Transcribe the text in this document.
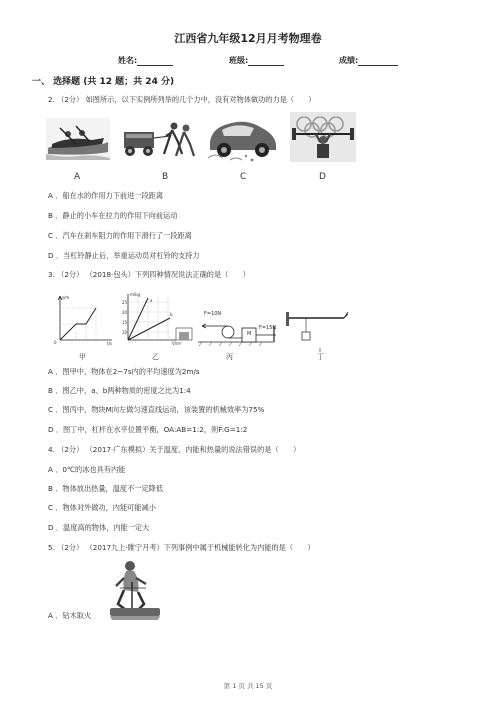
江西省九年级12月月考物理卷
姓名:	班级:	成绩:
一、 选择题 (共 12 题；共 24 分)
2. （2分） 如图所示，以下实例所列举的几个力中，没有对物体做功的力是（　　）
A	B	C	D
A ．船在水的作用力下前进一段距离
B ．静止的小车在拉力的作用下向前运动
C ．汽车在刹车阻力的作用下滑行了一段距离
D ．当杠铃静止后，举重运动员对杠铃的支持力
3. （2分） （2018·包头）下列四种情况说法正确的是（　　）
s/m
t/s
0
甲
m/kg
a
b
V/m³
25
20
15
10
乙
F=10N
F=15N
M
丙	丁
A ．图甲中，物体在2~7s内的平均速度为2m/s
B ．图乙中，a、b两种物质的密度之比为1:4
C ．图丙中，物块M向左做匀速直线运动，该装置的机械效率为75%
D ．图丁中，杠杆在水平位置平衡，OA:AB=1:2，则F:G=1:2
4. （2分） （2017·广东模拟）关于温度、内能和热量的说法错误的是（　　）
A ．0℃的冰也具有内能
B ．物体放出热量，温度不一定降低
C ．物体对外做功，内能可能减小
D ．温度高的物体，内能一定大
5. （2分） （2017九上·睢宁月考）下列事例中属于机械能转化为内能的是（　　）
A ．钻木取火
第 1 页 共 15 页
